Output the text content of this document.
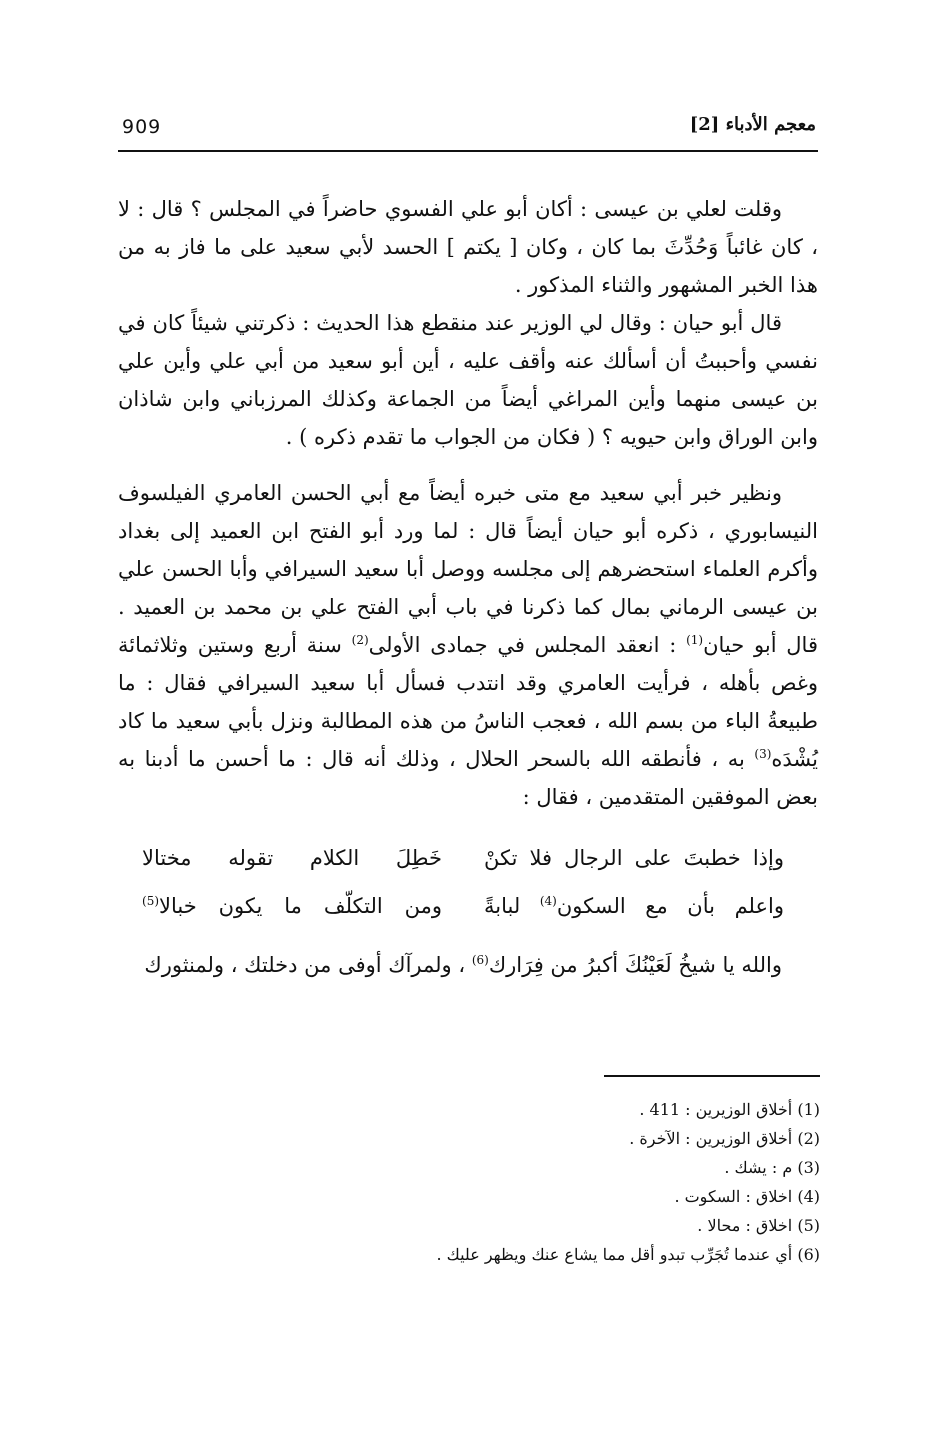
909	معجم الأدباء [2]

وقلت لعلي بن عيسى : أكان أبو علي الفسوي حاضراً في المجلس ؟ قال : لا ، كان غائباً وَحُدِّثَ بما كان ، وكان [ يكتم ] الحسد لأبي سعيد على ما فاز به من هذا الخبر المشهور والثناء المذكور .

قال أبو حيان : وقال لي الوزير عند منقطع هذا الحديث : ذكرتني شيئاً كان في نفسي وأحببتُ أن أسألك عنه وأقف عليه ، أين أبو سعيد من أبي علي وأين علي بن عيسى منهما وأين المراغي أيضاً من الجماعة وكذلك المرزباني وابن شاذان وابن الوراق وابن حيويه ؟ ( فكان من الجواب ما تقدم ذكره ) .

ونظير خبر أبي سعيد مع متى خبره أيضاً مع أبي الحسن العامري الفيلسوف النيسابوري ، ذكره أبو حيان أيضاً قال : لما ورد أبو الفتح ابن العميد إلى بغداد وأكرم العلماء استحضرهم إلى مجلسه ووصل أبا سعيد السيرافي وأبا الحسن علي بن عيسى الرماني بمال كما ذكرنا في باب أبي الفتح علي بن محمد بن العميد . قال أبو حيان$^{(1)}$ : انعقد المجلس في جمادى الأولى$^{(2)}$ سنة أربع وستين وثلاثمائة وغص بأهله ، فرأيت العامري وقد انتدب فسأل أبا سعيد السيرافي فقال : ما طبيعةُ الباء من بسم الله ، فعجب الناسُ من هذه المطالبة ونزل بأبي سعيد ما كاد يُشْدَه$^{(3)}$ به ، فأنطقه الله بالسحر الحلال ، وذلك أنه قال : ما أحسن ما أدبنا به بعض الموفقين المتقدمين ، فقال :

وإذا خطبتَ على الرجال فلا تكنْ
خَطِلَ الكلام تقوله مختالا
واعلم بأن مع السكون$^{(4)}$ لبابةً
ومن التكلّف ما يكون خبالا$^{(5)}$

والله يا شيخُ لَعَيْنُكَ أكبرُ من فِرَارك$^{(6)}$ ، ولمرآك أوفى من دخلتك ، ولمنثورك

(1) أخلاق الوزيرين : 411 .

(2) أخلاق الوزيرين : الآخرة .

(3) م : يشك .

(4) اخلاق : السكوت .

(5) اخلاق : محالا .

(6) أي عندما تُجَرِّب تبدو أقل مما يشاع عنك ويظهر عليك .
